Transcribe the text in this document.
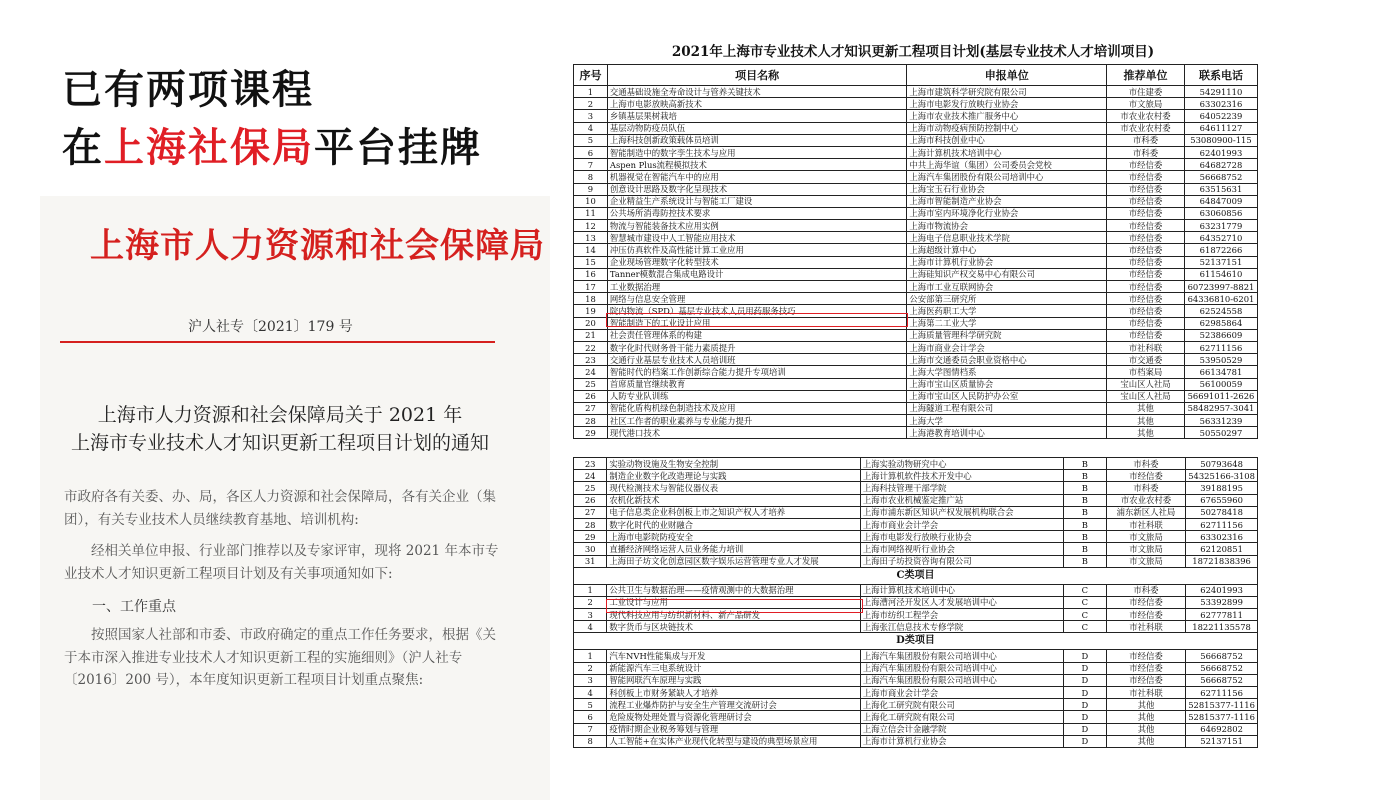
已有两项课程
在上海社保局平台挂牌
上海市人力资源和社会保障局
沪人社专〔2021〕179 号
上海市人力资源和社会保障局关于 2021 年
上海市专业技术人才知识更新工程项目计划的通知
市政府各有关委、办、局，各区人力资源和社会保障局，各有关企业（集团），有关专业技术人员继续教育基地、培训机构:
经相关单位申报、行业部门推荐以及专家评审，现将 2021 年本市专业技术人才知识更新工程项目计划及有关事项通知如下:
一、工作重点
按照国家人社部和市委、市政府确定的重点工作任务要求，根据《关于本市深入推进专业技术人才知识更新工程的实施细则》（沪人社专〔2016〕200 号），本年度知识更新工程项目计划重点聚焦:
2021年上海市专业技术人才知识更新工程项目计划(基层专业技术人才培训项目)
序号	项目名称	申报单位	推荐单位	联系电话
1	交通基础设施全寿命设计与管养关键技术	上海市建筑科学研究院有限公司	市住建委	54291110
2	上海市电影放映高新技术	上海市电影发行放映行业协会	市文旅局	63302316
3	乡镇基层果树栽培	上海市农业技术推广服务中心	市农业农村委	64052239
4	基层动物防疫员队伍	上海市动物疫病预防控制中心	市农业农村委	64611127
5	上海科技创新政策载体员培训	上海市科技创业中心	市科委	53080900-115
6	智能制造中的数字孪生技术与应用	上海计算机技术培训中心	市科委	62401993
7	Aspen Plus流程模拟技术	中共上海华谊（集团）公司委员会党校	市经信委	64682728
8	机器视觉在智能汽车中的应用	上海汽车集团股份有限公司培训中心	市经信委	56668752
9	创意设计思路及数字化呈现技术	上海宝玉石行业协会	市经信委	63515631
10	企业精益生产系统设计与智能工厂建设	上海市智能制造产业协会	市经信委	64847009
11	公共场所消毒防控技术要求	上海市室内环境净化行业协会	市经信委	63060856
12	物流与智能装备技术应用实例	上海市物流协会	市经信委	63231779
13	智慧城市建设中人工智能应用技术	上海电子信息职业技术学院	市经信委	64352710
14	冲压仿真软件及高性能计算工业应用	上海超级计算中心	市经信委	61872266
15	企业现场管理数字化转型技术	上海市计算机行业协会	市经信委	52137151
16	Tanner模数混合集成电路设计	上海硅知识产权交易中心有限公司	市经信委	61154610
17	工业数据治理	上海市工业互联网协会	市经信委	60723997-8821
18	网络与信息安全管理	公安部第三研究所	市经信委	64336810-6201
19	院内物流（SPD）基层专业技术人员用药服务技巧	上海医药职工大学	市经信委	62524558
20	智能制造下的工业设计应用	上海第二工业大学	市经信委	62985864
21	社会责任管理体系的构建	上海质量管理科学研究院	市经信委	52386609
22	数字化时代财务骨干能力素质提升	上海市商业会计学会	市社科联	62711156
23	交通行业基层专业技术人员培训班	上海市交通委员会职业资格中心	市交通委	53950529
24	智能时代的档案工作创新综合能力提升专项培训	上海大学图情档系	市档案局	66134781
25	首席质量官继续教育	上海市宝山区质量协会	宝山区人社局	56100059
26	人防专业队训练	上海市宝山区人民防护办公室	宝山区人社局	56691011-2626
27	智能化盾构机绿色制造技术及应用	上海隧道工程有限公司	其他	58482957-3041
28	社区工作者的职业素养与专业能力提升	上海大学	其他	56331239
29	现代港口技术	上海港教育培训中心	其他	50550297
23	实验动物设施及生物安全控制	上海实验动物研究中心	B	市科委	50793648
24	制造企业数字化改造理论与实践	上海计算机软件技术开发中心	B	市经信委	54325166-3108
25	现代检测技术与智能仪器仪表	上海科技管理干部学院	B	市科委	39188195
26	农机化新技术	上海市农业机械鉴定推广站	B	市农业农村委	67655960
27	电子信息类企业科创板上市之知识产权人才培养	上海市浦东新区知识产权发展机构联合会	B	浦东新区人社局	50278418
28	数字化时代的业财融合	上海市商业会计学会	B	市社科联	62711156
29	上海市电影院防疫安全	上海市电影发行放映行业协会	B	市文旅局	63302316
30	直播经济网络运营人员业务能力培训	上海市网络视听行业协会	B	市文旅局	62120851
31	上海田子坊文化创意园区数字娱乐运营管理专业人才发展	上海田子坊投资咨询有限公司	B	市文旅局	18721838396
C类项目					
1	公共卫生与数据治理——疫情观测中的大数据治理	上海计算机技术培训中心	C	市科委	62401993
2	工业设计与应用	上海漕河泾开发区人才发展培训中心	C	市经信委	53392899
3	现代科技应用与纺织新材料、新产品研发	上海市纺织工程学会	C	市经信委	62777811
4	数字货币与区块链技术	上海张江信息技术专修学院	C	市社科联	18221135578
D类项目					
1	汽车NVH性能集成与开发	上海汽车集团股份有限公司培训中心	D	市经信委	56668752
2	新能源汽车三电系统设计	上海汽车集团股份有限公司培训中心	D	市经信委	56668752
3	智能网联汽车原理与实践	上海汽车集团股份有限公司培训中心	D	市经信委	56668752
4	科创板上市财务紧缺人才培养	上海市商业会计学会	D	市社科联	62711156
5	流程工业爆炸防护与安全生产管理交流研讨会	上海化工研究院有限公司	D	其他	52815377-1116
6	危险废物处理处置与资源化管理研讨会	上海化工研究院有限公司	D	其他	52815377-1116
7	疫情时期企业税务筹划与管理	上海立信会计金融学院	D	其他	64692802
8	人工智能+在实体产业现代化转型与建设的典型场景应用	上海市计算机行业协会	D	其他	52137151
